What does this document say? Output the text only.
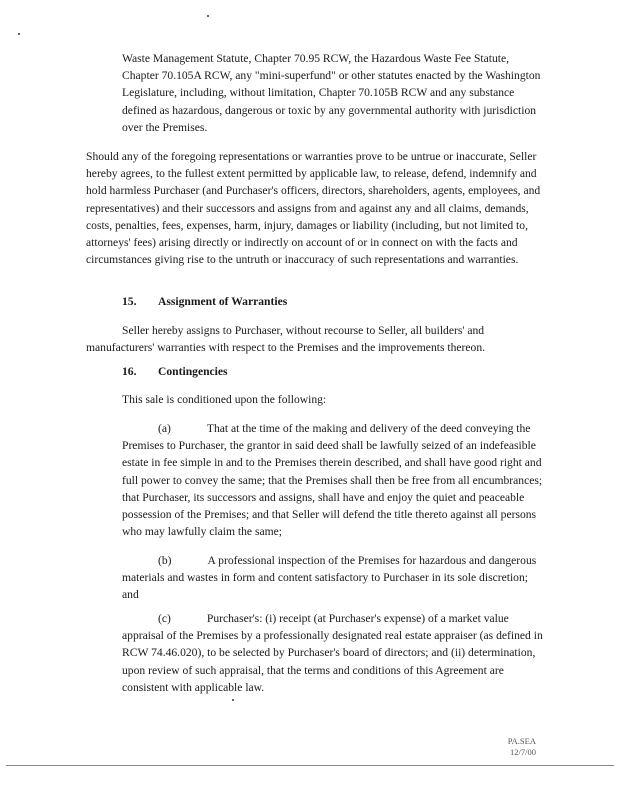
Waste Management Statute, Chapter 70.95 RCW, the Hazardous Waste Fee Statute, Chapter 70.105A RCW, any "mini-superfund" or other statutes enacted by the Washington Legislature, including, without limitation, Chapter 70.105B RCW and any substance defined as hazardous, dangerous or toxic by any governmental authority with jurisdiction over the Premises.
Should any of the foregoing representations or warranties prove to be untrue or inaccurate, Seller hereby agrees, to the fullest extent permitted by applicable law, to release, defend, indemnify and hold harmless Purchaser (and Purchaser's officers, directors, shareholders, agents, employees, and representatives) and their successors and assigns from and against any and all claims, demands, costs, penalties, fees, expenses, harm, injury, damages or liability (including, but not limited to, attorneys' fees) arising directly or indirectly on account of or in connect on with the facts and circumstances giving rise to the untruth or inaccuracy of such representations and warranties.
15. Assignment of Warranties
Seller hereby assigns to Purchaser, without recourse to Seller, all builders' and manufacturers' warranties with respect to the Premises and the improvements thereon.
16. Contingencies
This sale is conditioned upon the following:
(a)	That at the time of the making and delivery of the deed conveying the Premises to Purchaser, the grantor in said deed shall be lawfully seized of an indefeasible estate in fee simple in and to the Premises therein described, and shall have good right and full power to convey the same; that the Premises shall then be free from all encumbrances; that Purchaser, its successors and assigns, shall have and enjoy the quiet and peaceable possession of the Premises; and that Seller will defend the title thereto against all persons who may lawfully claim the same;
(b)	A professional inspection of the Premises for hazardous and dangerous materials and wastes in form and content satisfactory to Purchaser in its sole discretion; and
(c)	Purchaser's: (i) receipt (at Purchaser's expense) of a market value appraisal of the Premises by a professionally designated real estate appraiser (as defined in RCW 74.46.020), to be selected by Purchaser's board of directors; and (ii) determination, upon review of such appraisal, that the terms and conditions of this Agreement are consistent with applicable law.
PA.SEA
12/7/00
